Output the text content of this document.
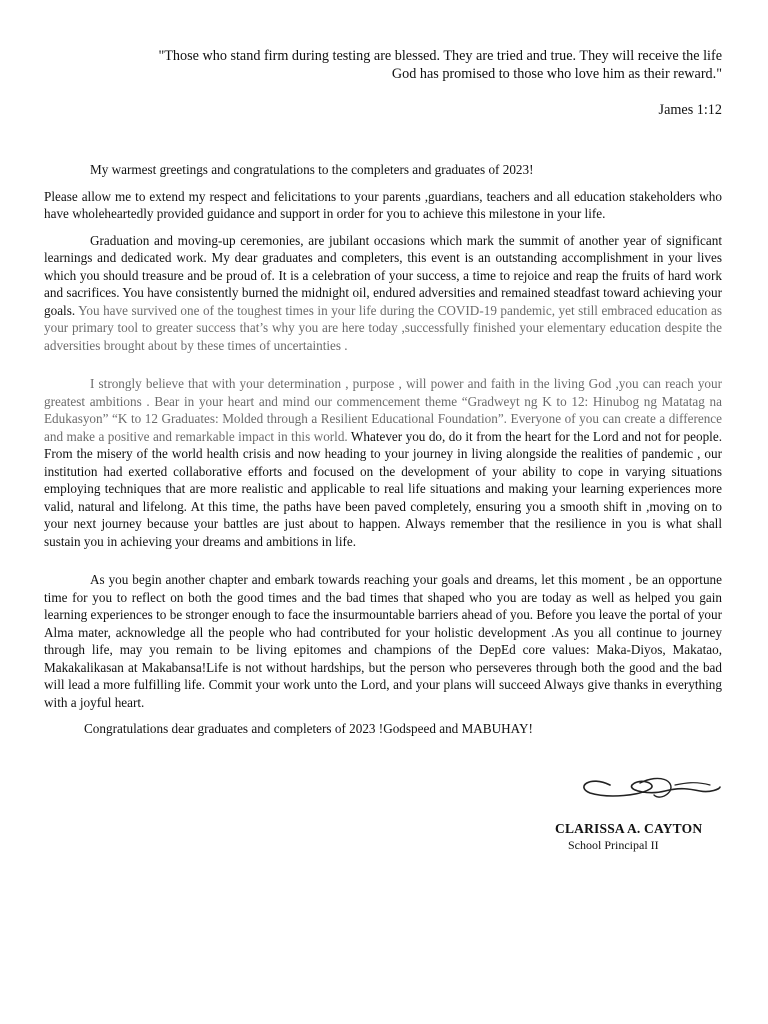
"Those who stand firm during testing are blessed. They are tried and true. They will receive the life
God has promised to those who love him as their reward."

James 1:12

My warmest greetings and congratulations to the completers and graduates of 2023!

Please allow me to extend my respect and felicitations to your parents ,guardians, teachers and all education stakeholders who have wholeheartedly provided guidance and support in order for you to achieve this milestone in your life.

Graduation and moving-up ceremonies, are jubilant occasions which mark the summit of another year of significant learnings and dedicated work. My dear graduates and completers, this event is an outstanding accomplishment in your lives which you should treasure and be proud of. It is a celebration of your success, a time to rejoice and reap the fruits of hard work and sacrifices. You have consistently burned the midnight oil, endured adversities and remained steadfast toward achieving your goals. You have survived one of the toughest times in your life during the COVID-19 pandemic, yet still embraced education as your primary tool to greater success that’s why you are here today ,successfully finished your elementary education despite the adversities brought about by these times of uncertainties .

I strongly believe that with your determination , purpose , will power and faith in the living God ,you can reach your greatest ambitions . Bear in your heart and mind our commencement theme “Gradweyt ng K to 12: Hinubog ng Matatag na Edukasyon” “K to 12 Graduates: Molded through a Resilient Educational Foundation”. Everyone of you can create a difference and make a positive and remarkable impact in this world. Whatever you do, do it from the heart for the Lord and not for people. From the misery of the world health crisis and now heading to your journey in living alongside the realities of pandemic , our institution had exerted collaborative efforts and focused on the development of your ability to cope in varying situations employing techniques that are more realistic and applicable to real life situations and making your learning experiences more valid, natural and lifelong. At this time, the paths have been paved completely, ensuring you a smooth shift in ,moving on to your next journey because your battles are just about to happen. Always remember that the resilience in you is what shall sustain you in achieving your dreams and ambitions in life.

As you begin another chapter and embark towards reaching your goals and dreams, let this moment , be an opportune time for you to reflect on both the good times and the bad times that shaped who you are today as well as helped you gain learning experiences to be stronger enough to face the insurmountable barriers ahead of you. Before you leave the portal of your Alma mater, acknowledge all the people who had contributed for your holistic development .As you all continue to journey through life, may you remain to be living epitomes and champions of the DepEd core values: Maka-Diyos, Makatao, Makakalikasan at Makabansa!Life is not without hardships, but the person who perseveres through both the good and the bad will lead a more fulfilling life. Commit your work unto the Lord, and your plans will succeed Always give thanks in everything with a joyful heart.

Congratulations dear graduates and completers of 2023 !Godspeed and MABUHAY!

CLARISSA A. CAYTON

School Principal II
